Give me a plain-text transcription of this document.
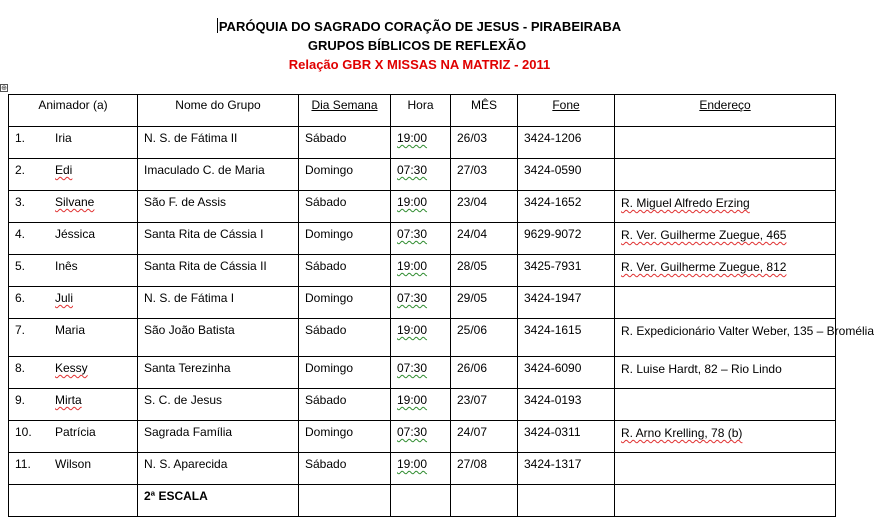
PARÓQUIA DO SAGRADO CORAÇÃO DE JESUS - PIRABEIRABA
GRUPOS BÍBLICOS DE REFLEXÃO
Relação GBR X MISSAS NA MATRIZ - 2011
⊕
Animador (a)	Nome do Grupo	Dia Semana	Hora	MÊS	Fone	Endereço
1. Iria	N. S. de Fátima II	Sábado	19:00	26/03	3424-1206	
2. Edi	Imaculado C. de Maria	Domingo	07:30	27/03	3424-0590	
3. Silvane	São F. de Assis	Sábado	19:00	23/04	3424-1652	R. Miguel Alfredo Erzing
4. Jéssica	Santa Rita de Cássia I	Domingo	07:30	24/04	9629-9072	R. Ver. Guilherme Zuegue, 465
5. Inês	Santa Rita de Cássia II	Sábado	19:00	28/05	3425-7931	R. Ver. Guilherme Zuegue, 812
6. Juli	N. S. de Fátima I	Domingo	07:30	29/05	3424-1947	
7. Maria	São João Batista	Sábado	19:00	25/06	3424-1615	R. Expedicionário Valter Weber, 135 – Bromélia
8. Kessy	Santa Terezinha	Domingo	07:30	26/06	3424-6090	R. Luise Hardt, 82 – Rio Lindo
9. Mirta	S. C. de Jesus	Sábado	19:00	23/07	3424-0193	
10. Patrícia	Sagrada Família	Domingo	07:30	24/07	3424-0311	R. Arno Krelling, 78 (b)
11. Wilson	N. S. Aparecida	Sábado	19:00	27/08	3424-1317	
	2ª ESCALA					
